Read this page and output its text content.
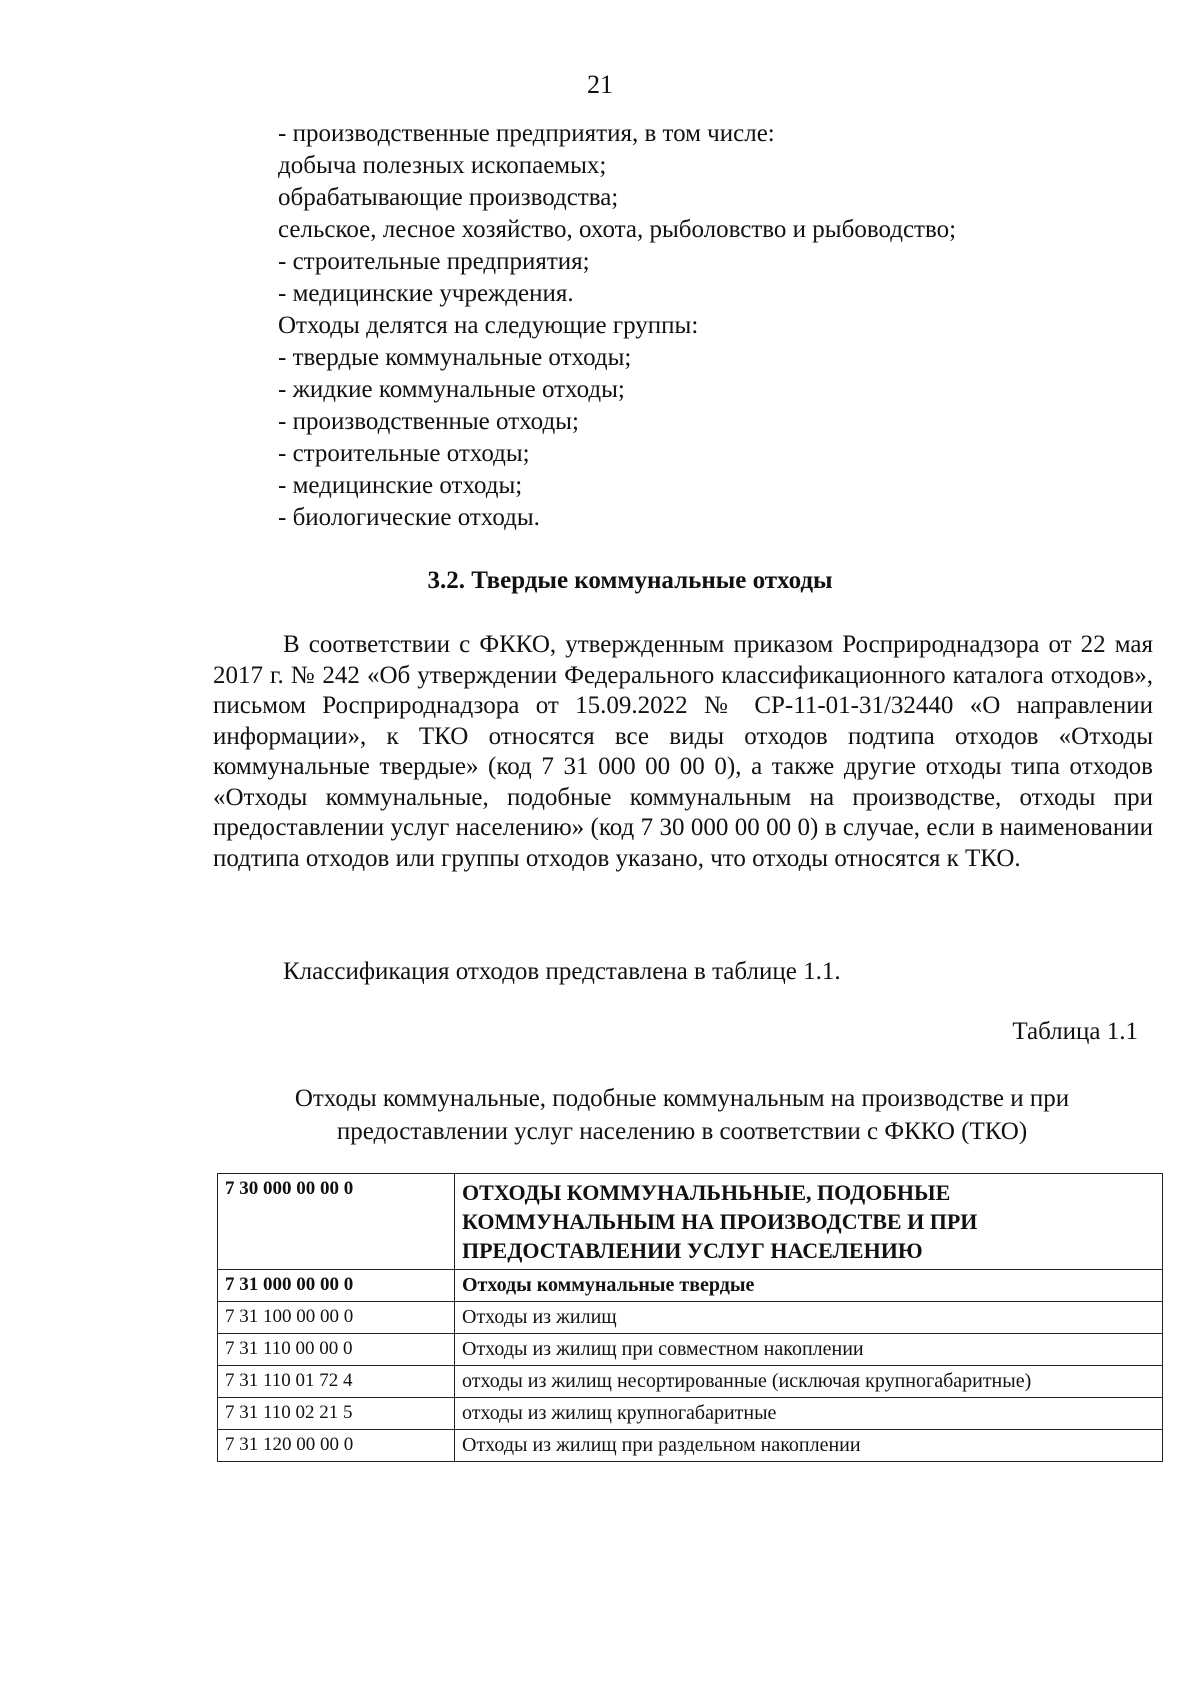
21
- производственные предприятия, в том числе:
добыча полезных ископаемых;
обрабатывающие производства;
сельское, лесное хозяйство, охота, рыболовство и рыбоводство;
- строительные предприятия;
- медицинские учреждения.
Отходы делятся на следующие группы:
- твердые коммунальные отходы;
- жидкие коммунальные отходы;
- производственные отходы;
- строительные отходы;
- медицинские отходы;
- биологические отходы.
3.2. Твердые коммунальные отходы
В соответствии с ФККО, утвержденным приказом Росприроднадзора от 22 мая 2017 г. № 242 «Об утверждении Федерального классификационного каталога отходов», письмом Росприроднадзора от 15.09.2022 № СР-11-01-31/32440 «О направлении информации», к ТКО относятся все виды отходов подтипа отходов «Отходы коммунальные твердые» (код 7 31 000 00 00 0), а также другие отходы типа отходов «Отходы коммунальные, подобные коммунальным на производстве, отходы при предоставлении услуг населению» (код 7 30 000 00 00 0) в случае, если в наименовании подтипа отходов или группы отходов указано, что отходы относятся к ТКО.
Классификация отходов представлена в таблице 1.1.
Таблица 1.1
Отходы коммунальные, подобные коммунальным на производстве и при
предоставлении услуг населению в соответствии с ФККО (ТКО)
7 30 000 00 00 0	ОТХОДЫ КОММУНАЛЬНЬНЫЕ, ПОДОБНЫЕ КОММУНАЛЬНЫМ НА ПРОИЗВОДСТВЕ И ПРИ ПРЕДОСТАВЛЕНИИ УСЛУГ НАСЕЛЕНИЮ
7 31 000 00 00 0	Отходы коммунальные твердые
7 31 100 00 00 0	Отходы из жилищ
7 31 110 00 00 0	Отходы из жилищ при совместном накоплении
7 31 110 01 72 4	отходы из жилищ несортированные (исключая крупногабаритные)
7 31 110 02 21 5	отходы из жилищ крупногабаритные
7 31 120 00 00 0	Отходы из жилищ при раздельном накоплении
